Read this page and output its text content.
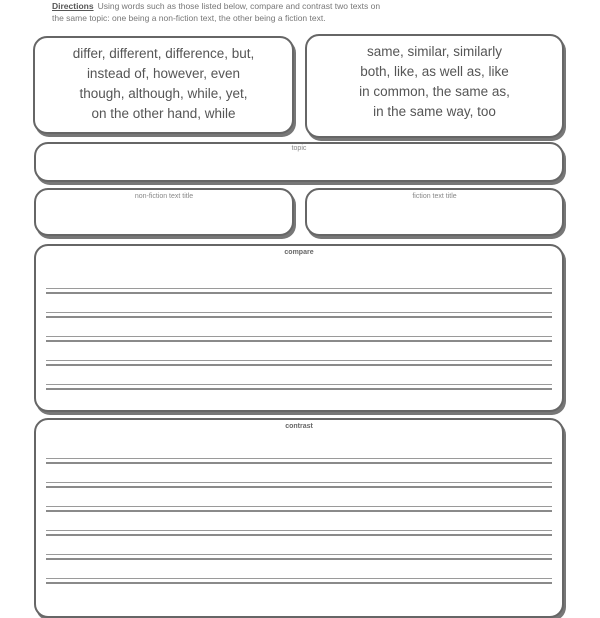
Directions Using words such as those listed below, compare and contrast two texts on
the same topic: one being a non-fiction text, the other being a fiction text.
differ, different, difference, but,
instead of, however, even
though, although, while, yet,
on the other hand, while
same, similar, similarly
both, like, as well as, like
in common, the same as,
in the same way, too
topic
non-fiction text title	fiction text title
compare
contrast
